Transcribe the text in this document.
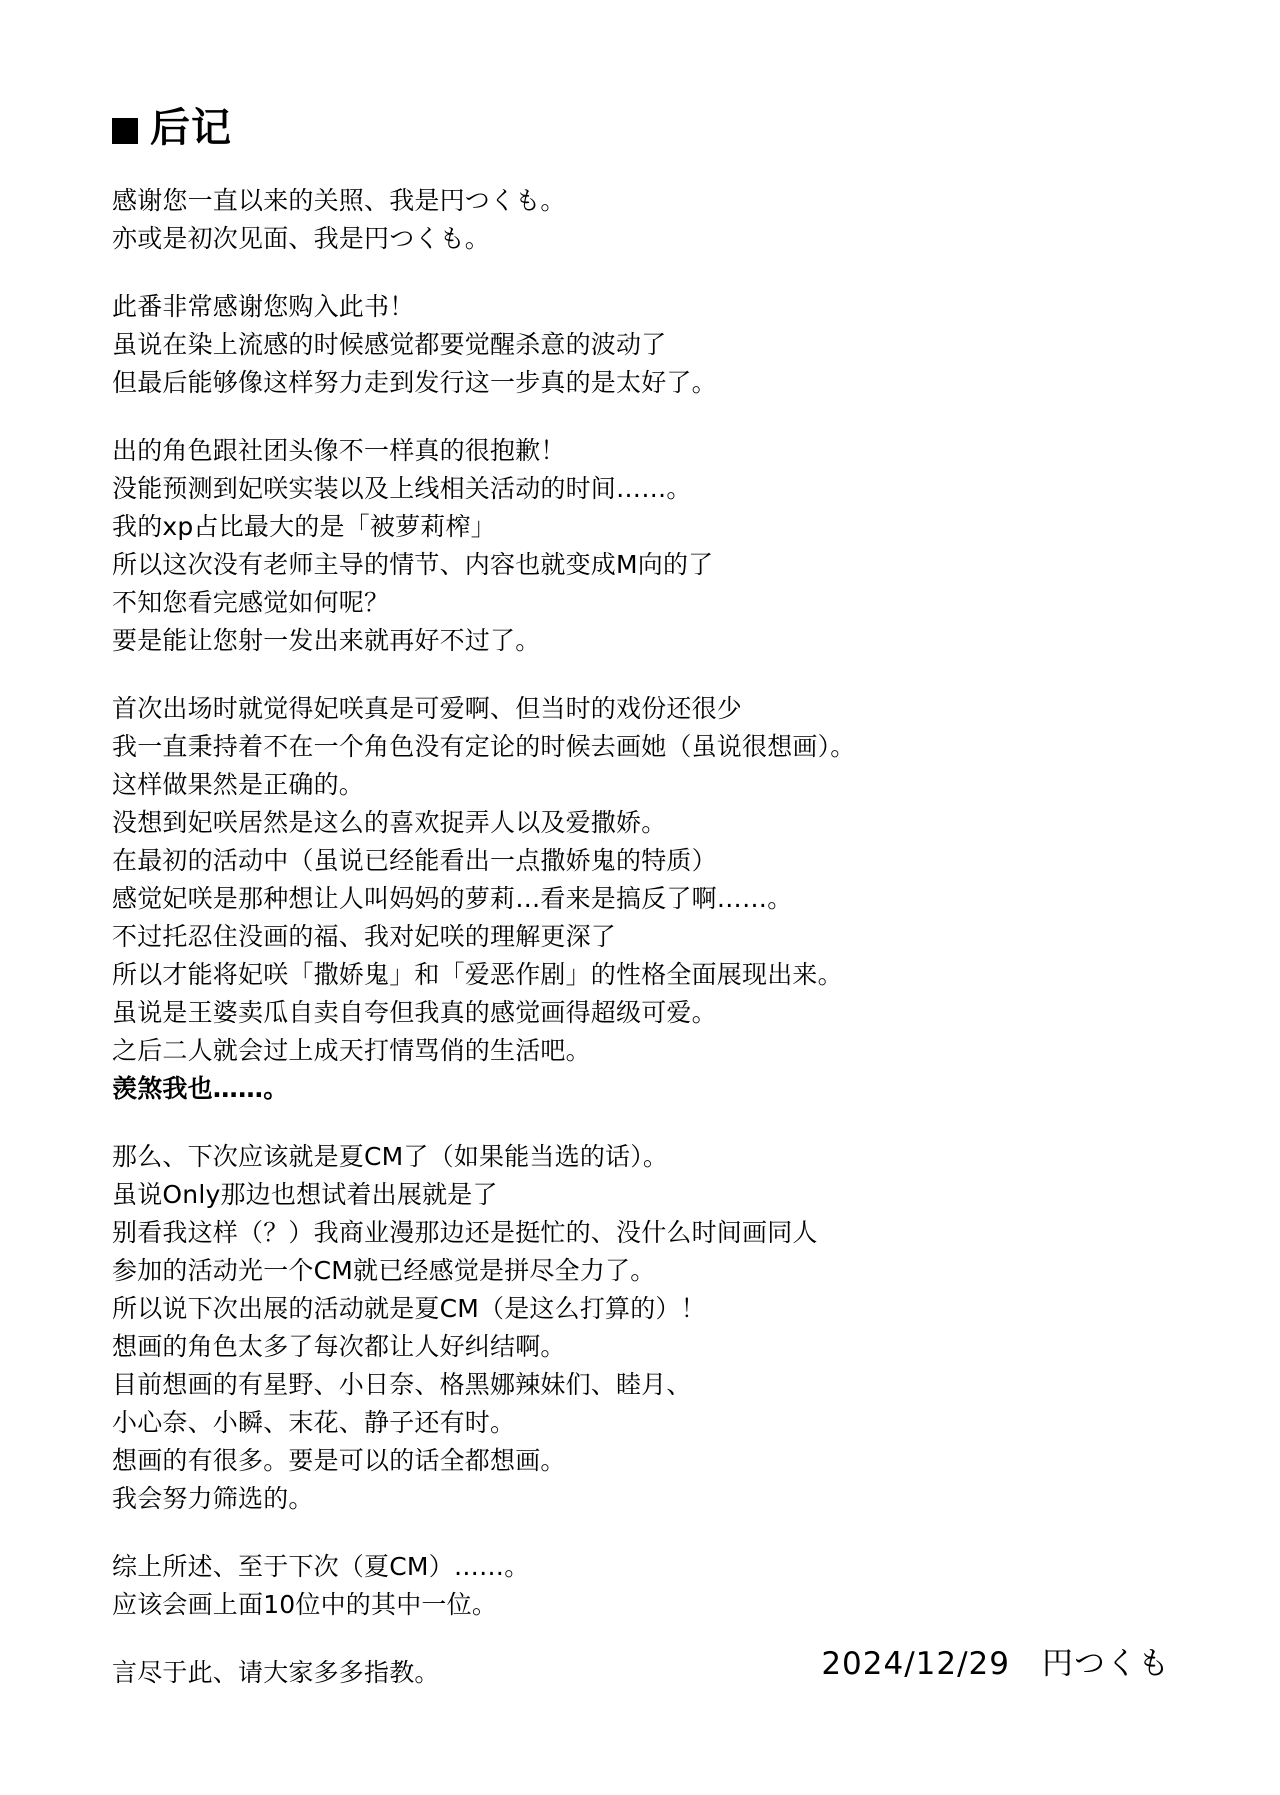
后记
感谢您一直以来的关照、我是円つくも。
亦或是初次见面、我是円つくも。
此番非常感谢您购入此书！
虽说在染上流感的时候感觉都要觉醒杀意的波动了
但最后能够像这样努力走到发行这一步真的是太好了。
出的角色跟社团头像不一样真的很抱歉！
没能预测到妃咲实装以及上线相关活动的时间……。
我的xp占比最大的是「被萝莉榨」
所以这次没有老师主导的情节、内容也就变成M向的了
不知您看完感觉如何呢？
要是能让您射一发出来就再好不过了。
首次出场时就觉得妃咲真是可爱啊、但当时的戏份还很少
我一直秉持着不在一个角色没有定论的时候去画她（虽说很想画）。
这样做果然是正确的。
没想到妃咲居然是这么的喜欢捉弄人以及爱撒娇。
在最初的活动中（虽说已经能看出一点撒娇鬼的特质）
感觉妃咲是那种想让人叫妈妈的萝莉…看来是搞反了啊……。
不过托忍住没画的福、我对妃咲的理解更深了
所以才能将妃咲「撒娇鬼」和「爱恶作剧」的性格全面展现出来。
虽说是王婆卖瓜自卖自夸但我真的感觉画得超级可爱。
之后二人就会过上成天打情骂俏的生活吧。
羡煞我也……。
那么、下次应该就是夏CM了（如果能当选的话）。
虽说Only那边也想试着出展就是了
别看我这样（？）我商业漫那边还是挺忙的、没什么时间画同人
参加的活动光一个CM就已经感觉是拼尽全力了。
所以说下次出展的活动就是夏CM（是这么打算的）！
想画的角色太多了每次都让人好纠结啊。
目前想画的有星野、小日奈、格黑娜辣妹们、睦月、
小心奈、小瞬、末花、静子还有时。
想画的有很多。要是可以的话全都想画。
我会努力筛选的。
综上所述、至于下次（夏CM）……。
应该会画上面10位中的其中一位。
言尽于此、请大家多多指教。	2024/12/29　円つくも
